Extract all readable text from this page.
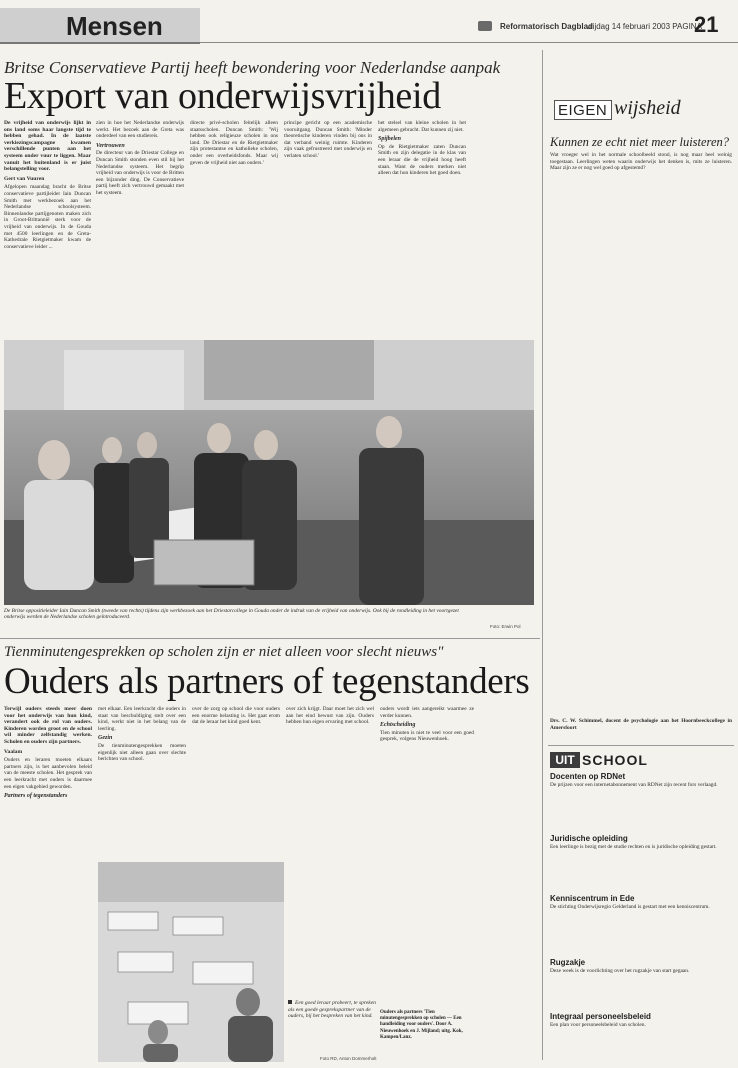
Mensen	Reformatorisch Dagblad
vrijdag 14 februari 2003 PAGINA
21
Britse Conservatieve Partij heeft bewondering voor Nederlandse aanpak
Export van onderwijsvrijheid

De vrijheid van onderwijs lijkt in ons land soms haar langste tijd te hebben gehad. In de laatste verkiezingscampagne kwamen verschillende punten aan het systeem onder vuur te liggen. Maar vanuit het buitenland is er juist belangstelling voor.

Gert van Vuuren

Afgelopen maandag bracht de Britse conservatieve partijleider Iain Duncan Smith met werkbezoek aan het Nederlandse schoolsysteem. Binnenlandse partijgenoten maken zich in Groot-Brittannië sterk voor de vrijheid van onderwijs. In de Gouda met 4500 leerlingen en de Greta-Kathedrale Rietgietmaker kwam de conservatieve leider ...

zien in hoe het Nederlandse onderwijs werkt. Het bezoek aan de Greta was onderdeel van een studiereis.

Vertrouwen

De directeur van de Driestar College en Duncan Smith stonden even stil bij het Nederlandse systeem. Het begrip vrijheid van onderwijs is voor de Britten een bijzonder ding. De Conservatieve partij heeft zich vertrouwd gemaakt met het systeem.

directe privé-scholen feitelijk alleen staatsscholen. Duncan Smith: 'Wij hebben ook religieuze scholen in ons land. De Driestar en de Rietgietmaker zijn protestantse en katholieke scholen, onder een overheidsfonds. Maar wij geven de vrijheid niet aan ouders.'

principe gericht op een academische vooruitgang. Duncan Smith: 'Minder theoretische kinderen vinden bij ons in dat verband weinig ruimte. Kinderen zijn vaak gefrustreerd met onderwijs en verlaten school.'

het stelsel van kleine scholen in het algemeen gebracht. Dat kunnen zij niet.

Spijbelen

Op de Rietgietmaker zaten Duncan Smith en zijn delegatie in de klas van een leraar die de vrijheid hoog heeft staan. Want de ouders merken niet alleen dat hun kinderen het goed doen.

De Britse oppositieleider Iain Duncan Smith (tweede van rechts) tijdens zijn werkbezoek aan het Driestarcollege in Gouda onder de indruk van de vrijheid van onderwijs. Ook bij de rondleiding in het voortgezet onderwijs werden de Nederlandse scholen geïntroduceerd.
Foto: Erwin Pol
EIGEN wijsheid
Kunnen ze echt niet meer luisteren?

Wat vroeger wel in het normale schoolbeeld stond, is nog maar heel weinig toegestaan. Leerlingen weten waarin onderwijs het denken is, mits ze luisteren. Maar zijn ze er nog wel goed op afgestemd?

Drs. C. W. Schimmel, docent de psychologie aan het Hoornbeeckcollege in Amersfoort

UIT SCHOOL
Docenten op RDNet

De prijzen voor een internetabonnement van RDNet zijn recent fors verlaagd.

Juridische opleiding

Een leerlinge is bezig met de studie rechten en is juridische opleiding gestart.

Kenniscentrum in Ede

De stichting Onderwijsregio Gelderland is gestart met een kenniscentrum.

Rugzakje

Deze week is de voorlichting over het rugzakje van start gegaan.

Integraal personeelsbeleid

Een plan voor personeelsbeleid van scholen.

Tienminutengesprekken op scholen zijn er niet alleen voor slecht nieuws"
Ouders als partners of tegenstanders

Terwijl ouders steeds meer doen voor het onderwijs van hun kind, verandert ook de rol van ouders. Kinderen worden groot en de school wil minder zelfstandig werken. Scholen en ouders zijn partners.

Vaalam

Ouders en leraren moeten elkaars partners zijn, is het aanbevolen beleid van de meeste scholen. Het gesprek van een leerkracht met ouders is daarmee een eigen vakgebied geworden.

Partners of tegenstanders

met elkaar. Een leerkracht die ouders in staat van beschuldiging stelt over een kind, werkt niet in het belang van de leerling.

Gezin

De tienminutengesprekken moeten eigenlijk niet alleen gaan over slechte berichten van school.

over de zorg op school die voor ouders een enorme belasting is. Het gaat erom dat de leraar het kind goed kent.

over zich krijgt. Daar moet het zich wel aan het eind bewust van zijn. Ouders hebben hun eigen ervaring met school.

ouders wordt iets aangereikt waarmee ze verder kunnen.

Echtscheiding

Tien minuten is niet te veel voor een goed gesprek, volgens Nieuwenhoek.

Een goed leraar probeert, te spreken als een goede gesprekspartner van de ouders, bij het bespreken van het kind.
Foto RD, Anton Dommerholt
Ouders als partners 'Tien minutengesprekken op scholen — Een handleiding voor ouders'. Door A. Nieuwenhoek en J. Mijland; uitg. Kok, Kampen/Lanz.
